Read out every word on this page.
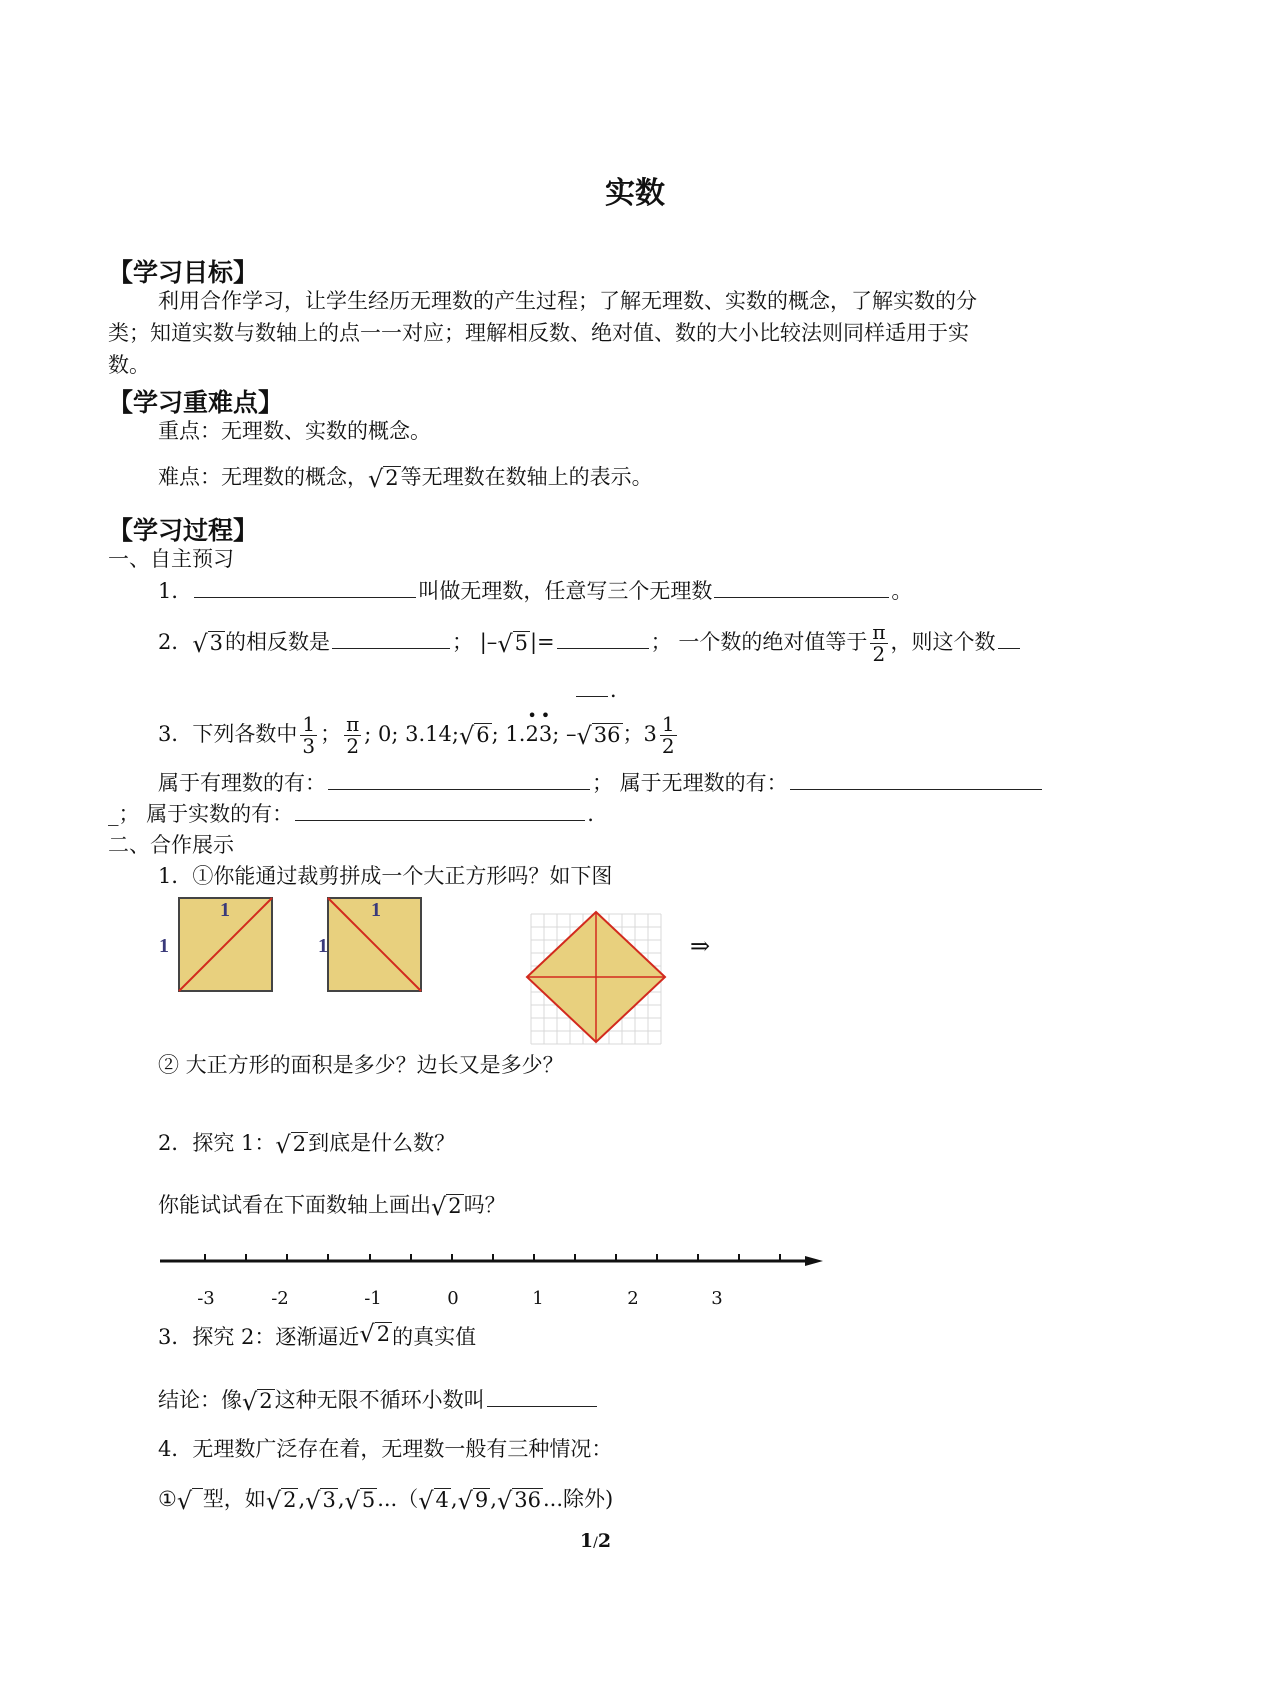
实数
【学习目标】
利用合作学习，让学生经历无理数的产生过程；了解无理数、实数的概念，了解实数的分
类；知道实数与数轴上的点一一对应；理解相反数、绝对值、数的大小比较法则同样适用于实
数。
【学习重难点】
重点：无理数、实数的概念。
难点：无理数的概念， √ 2 等无理数在数轴上的表示。
【学习过程】
一、自主预习
1．	叫做无理数，任意写三个无理数	。
2． √ 3 的相反数是	； |– √ 5 |=	； 一个数的绝对值等于 $\frac{\pi}{2}$ ，则这个数
．
3．下列各数中 $\frac{1}{3}$ ； $\frac{\pi}{2}$ ; 0; 3.14; √ 6 ; 1.• 2• 3; – √ 36 ；$3 \frac{1}{2}$
属于有理数的有：	； 属于无理数的有：
_； 属于实数的有：	.
二、合作展示
1．①你能通过裁剪拼成一个大正方形吗？如下图
1
1
1
1	⇒
② 大正方形的面积是多少？边长又是多少？
2．探究 1： √ 2 到底是什么数？
你能试试看在下面数轴上画出 √ 2 吗？
-3	-2	-1	0	1	2	3
3．探究 2：逐渐逼近 √ 2 的真实值
结论：像 √ 2 这种无限不循环小数叫
4．无理数广泛存在着，无理数一般有三种情况：
① √
型，如 √ 2 , √ 3 , √ 5 ...（ √ 4 , √ 9 , √ 36 ...除外)
1/2
